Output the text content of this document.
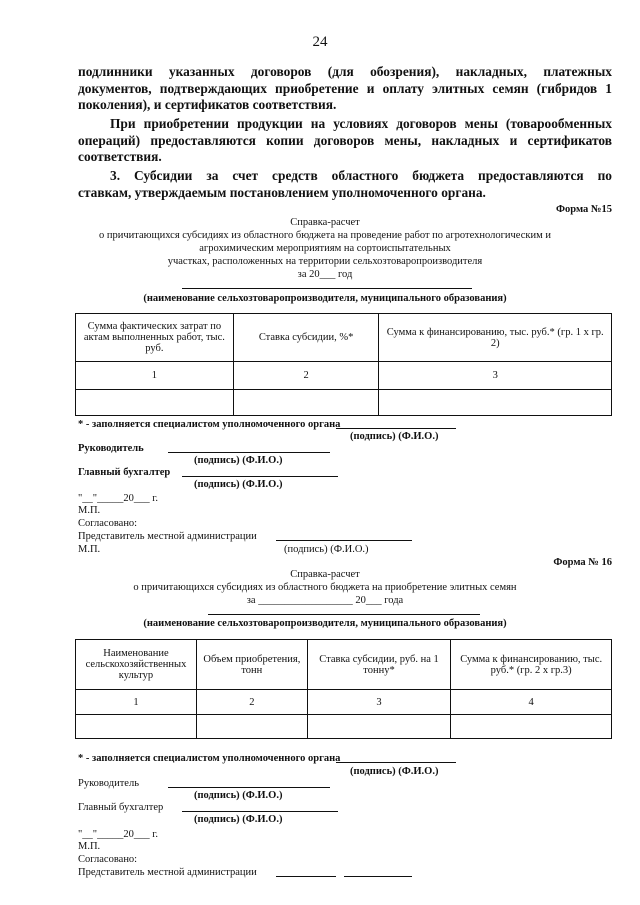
24
подлинники указанных договоров (для обозрения), накладных, платежных
документов, подтверждающих приобретение и оплату элитных семян (гибридов 1
поколения), и сертификатов соответствия.
При приобретении продукции на условиях договоров мены (товарообменных
операций) предоставляются копии договоров мены, накладных и сертификатов
соответствия.
3. Субсидии за счет средств областного бюджета предоставляются по
ставкам, утверждаемым постановлением уполномоченного органа.
Форма №15
Справка-расчет
о причитающихся субсидиях из областного бюджета на проведение работ по агротехнологическим и
агрохимическим мероприятиям на сортоиспытательных
участках, расположенных на территории сельхозтоваропроизводителя
за 20___ год
(наименование сельхозтоваропроизводителя, муниципального образования)
Сумма фактических затрат по актам выполненных работ, тыс. руб.	Ставка субсидии, %*	Сумма к финансированию, тыс. руб.* (гр. 1 х гр. 2)
1	2	3

* - заполняется специалистом уполномоченного органа
(подпись) (Ф.И.О.)
Руководитель
(подпись) (Ф.И.О.)
Главный бухгалтер
(подпись) (Ф.И.О.)
"__"_____20___ г.
М.П.
Согласовано:
Представитель местной администрации
М.П.	(подпись) (Ф.И.О.)
Форма № 16
Справка-расчет
о причитающихся субсидиях из областного бюджета на приобретение элитных семян
за __________________ 20___ года
(наименование сельхозтоваропроизводителя, муниципального образования)
Наименование сельскохозяйственных культур	Объем приобретения, тонн	Ставка субсидии, руб. на 1 тонну*	Сумма к финансированию, тыс. руб.* (гр. 2 х гр.3)
1	2	3	4

* - заполняется специалистом уполномоченного органа
(подпись) (Ф.И.О.)
Руководитель
(подпись) (Ф.И.О.)
Главный бухгалтер
(подпись) (Ф.И.О.)
"__"_____20___ г.
М.П.
Согласовано:
Представитель местной администрации
